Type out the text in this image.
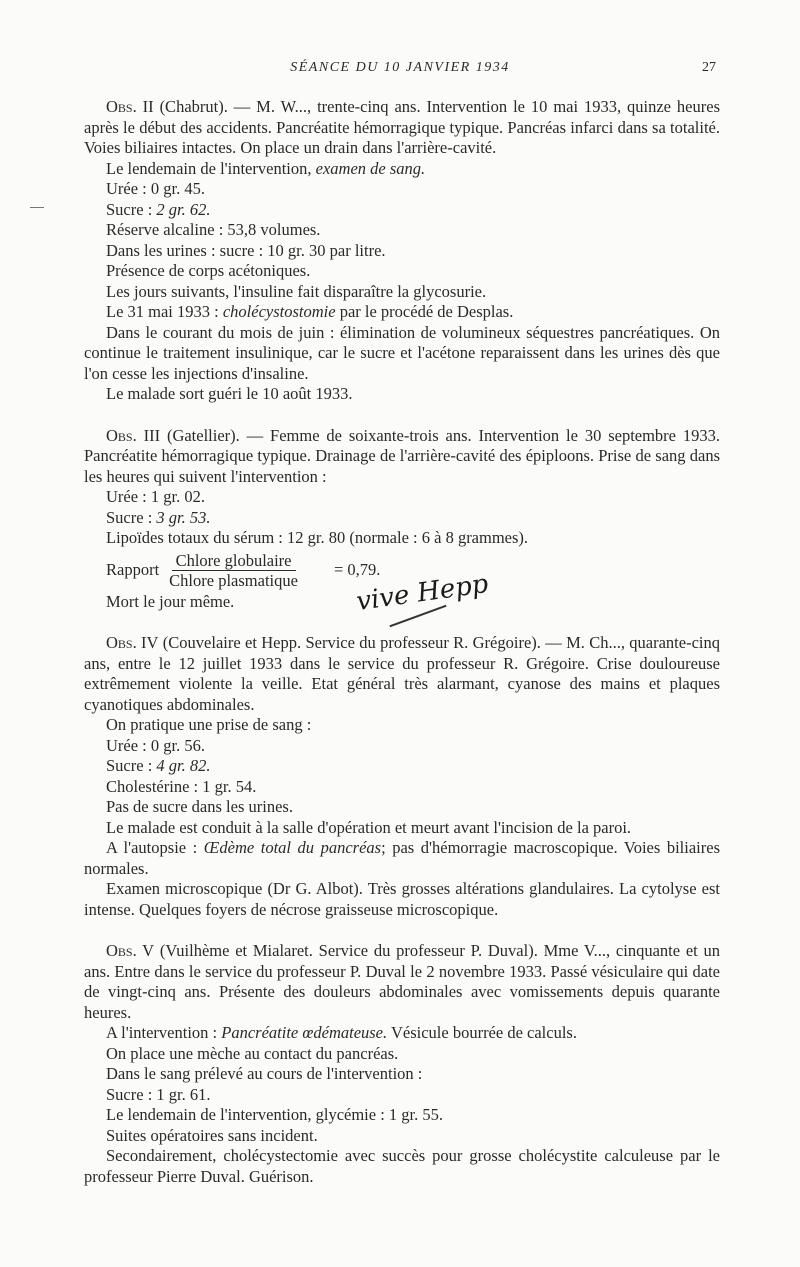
SÉANCE DU 10 JANVIER 1934	27

Obs. II (Chabrut). — M. W..., trente-cinq ans. Intervention le 10 mai 1933, quinze heures après le début des accidents. Pancréatite hémorragique typique. Pancréas infarci dans sa totalité. Voies biliaires intactes. On place un drain dans l'arrière-cavité.

Le lendemain de l'intervention, examen de sang.

Urée : 0 gr. 45.

Sucre : 2 gr. 62.

Réserve alcaline : 53,8 volumes.

Dans les urines : sucre : 10 gr. 30 par litre.

Présence de corps acétoniques.

Les jours suivants, l'insuline fait disparaître la glycosurie.

Le 31 mai 1933 : cholécystostomie par le procédé de Desplas.

Dans le courant du mois de juin : élimination de volumineux séquestres pancréatiques. On continue le traitement insulinique, car le sucre et l'acétone reparaissent dans les urines dès que l'on cesse les injections d'insaline.

Le malade sort guéri le 10 août 1933.

Obs. III (Gatellier). — Femme de soixante-trois ans. Intervention le 30 septembre 1933. Pancréatite hémorragique typique. Drainage de l'arrière-cavité des épiploons. Prise de sang dans les heures qui suivent l'intervention :

Urée : 1 gr. 02.

Sucre : 3 gr. 53.

Lipoïdes totaux du sérum : 12 gr. 80 (normale : 6 à 8 grammes).

Rapport $\frac{\text{Chlore globulaire}}{\text{Chlore plasmatique}}$	= 0,79.

Mort le jour même.

Obs. IV (Couvelaire et Hepp. Service du professeur R. Grégoire). — M. Ch..., quarante-cinq ans, entre le 12 juillet 1933 dans le service du professeur R. Grégoire. Crise douloureuse extrêmement violente la veille. Etat général très alarmant, cyanose des mains et plaques cyanotiques abdominales.

On pratique une prise de sang :

Urée : 0 gr. 56.

Sucre : 4 gr. 82.

Cholestérine : 1 gr. 54.

Pas de sucre dans les urines.

Le malade est conduit à la salle d'opération et meurt avant l'incision de la paroi.

A l'autopsie : Œdème total du pancréas; pas d'hémorragie macroscopique. Voies biliaires normales.

Examen microscopique (Dr G. Albot). Très grosses altérations glandulaires. La cytolyse est intense. Quelques foyers de nécrose graisseuse microscopique.

Obs. V (Vuilhème et Mialaret. Service du professeur P. Duval). Mme V..., cinquante et un ans. Entre dans le service du professeur P. Duval le 2 novembre 1933. Passé vésiculaire qui date de vingt-cinq ans. Présente des douleurs abdominales avec vomissements depuis quarante heures.

A l'intervention : Pancréatite œdémateuse. Vésicule bourrée de calculs.

On place une mèche au contact du pancréas.

Dans le sang prélevé au cours de l'intervention :

Sucre : 1 gr. 61.

Le lendemain de l'intervention, glycémie : 1 gr. 55.

Suites opératoires sans incident.

Secondairement, cholécystectomie avec succès pour grosse cholécystite calculeuse par le professeur Pierre Duval. Guérison.

vive Hepp
